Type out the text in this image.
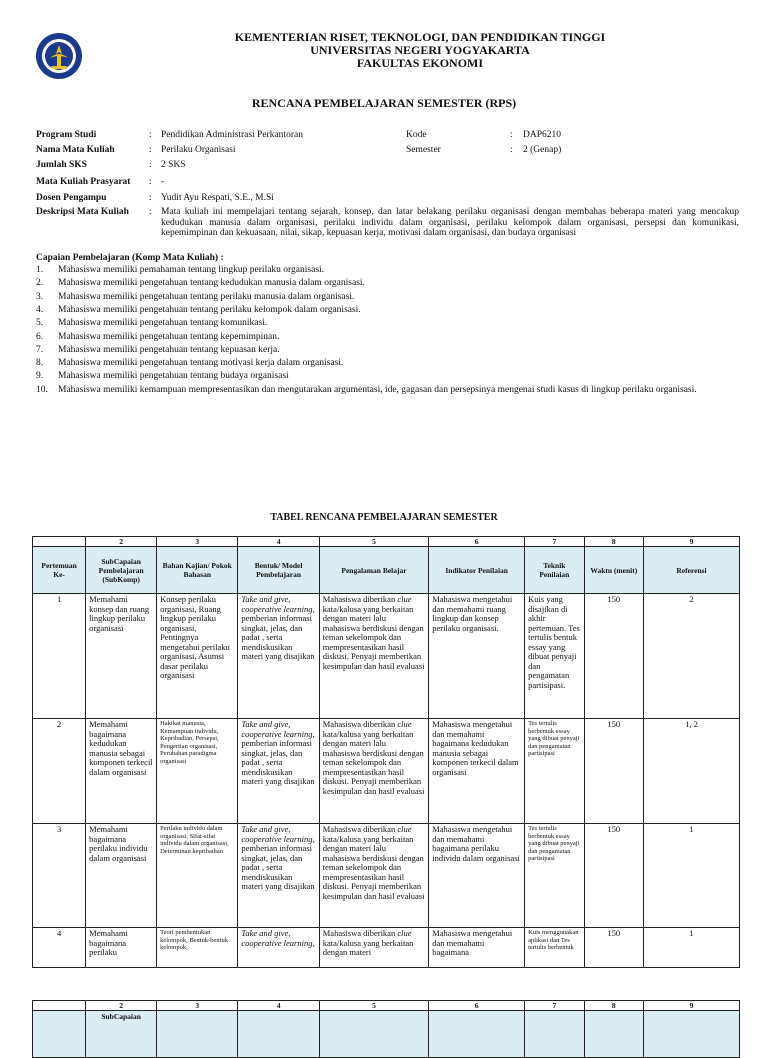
KEMENTERIAN RISET, TEKNOLOGI, DAN PENDIDIKAN TINGGI
UNIVERSITAS NEGERI YOGYAKARTA
FAKULTAS EKONOMI
RENCANA PEMBELAJARAN SEMESTER (RPS)
Program Studi	: Pendidikan Administrasi Perkantoran	Kode	: DAP6210
Nama Mata Kuliah	: Perilaku Organisasi	Semester	: 2 (Genap)
Jumlah SKS	: 2 SKS
Mata Kuliah Prasyarat : -
Dosen Pengampu	: Yudit Ayu Respati, S.E., M.Si
Deskripsi Mata Kuliah : Mata kuliah ini mempelajari tentang sejarah, konsep, dan latar belakang perilaku organisasi dengan membahas beberapa materi yang mencakup kedudukan manusia dalam organisasi, perilaku individu dalam organisasi, perilaku kelompok dalam organisasi, persepsi dan komunikasi, kepemimpinan dan kekuasaan, nilai, sikap, kepuasan kerja, motivasi dalam organisasi, dan budaya organisasi
Capaian Pembelajaran (Komp Mata Kuliah) :
1.	Mahasiswa memiliki pemahaman tentang lingkup perilaku organisasi.
2.	Mahasiswa memiliki pengetahuan tentang kedudukan manusia dalam organisasi.
3.	Mahasiswa memiliki pengetahuan tentang perilaku manusia dalam organisasi.
4.	Mahasiswa memiliki pengetahuan tentang perilaku kelompok dalam organisasi.
5.	Mahasiswa memiliki pengetahuan tentang komunikasi.
6.	Mahasiswa memiliki pengetahuan tentang kepemimpinan.
7.	Mahasiswa memiliki pengetahuan tentang kepuasan kerja.
8.	Mahasiswa memiliki pengetahuan tentang motivasi kerja dalam organisasi.
9.	Mahasiswa memiliki pengetahuan tentang budaya organisasi
10.	Mahasiswa memiliki kemampuan mempresentasikan dan mengutarakan argumentasi, ide, gagasan dan persepsinya mengenai studi kasus di lingkup perilaku organisasi.
TABEL RENCANA PEMBELAJARAN SEMESTER
	2	3	4	5	6	7	8	9
Pertemuan Ke-	SubCapaian Pembelajaran (SubKomp)	Bahan Kajian/ Pokok Bahasan	Bentuk/ Model Pembelajaran	Pengalaman Belajar	Indikator Penilaian	Teknik Penilaian	Waktu (menit)	Referensi
1	Memahami konsep dan ruang lingkup perilaku organisasi	Konsep perilaku organisasi, Ruang lingkup perilaku organisasi, Pentingnya mengetahui perilaku organisasi, Asumsi dasar perilaku organisasi	Take and give, cooperative learning, pemberian informasi singkat, jelas, dan padat , serta mendiskusikan materi yang disajikan	Mahasiswa diberikan clue kata/kalusa yang berkaitan dengan materi lalu mahasiswa berdiskusi dengan teman sekelompok dan mempresentasikan hasil diskusi. Penyaji memberikan kesimpulan dan hasil evaluasi	Mahasiswa mengetahui dan memahami ruang lingkup dan konsep perilaku organisasi.	Kuis yang disajikan di akhir pertemuan. Tes tertulis bentuk essay yang dibuat penyaji dan pengamatan partisipasi.	150	2
2	Memahami bagaimana kedudukan manusia sebagai komponen terkecil dalam organisasi	Hakikat manusia, Kemampuan individu, Kepribadian, Persepsi, Pengertian organisasi, Perubahan paradigma organisasi	Take and give, cooperative learning, pemberian informasi singkat, jelas, dan padat , serta mendiskusikan materi yang disajikan	Mahasiswa diberikan clue kata/kalusa yang berkaitan dengan materi lalu mahasiswa berdiskusi dengan teman sekelompok dan mempresentasikan hasil diskusi. Penyaji memberikan kesimpulan dan hasil evaluasi	Mahasiswa mengetahui dan memahami bagaimana kedudukan manusia sebagai komponen terkecil dalam organisasi	Tes tertulis berbentuk essay yang dibuat penyaji dan pengamatan partisipasi	150	1, 2
3	Memahami bagaimana perilaku individu dalam organisasi	Perilaku individu dalam organisasi, Sifat-sifat individu dalam organisasi, Determinan kepribadian	Take and give, cooperative learning, pemberian informasi singkat, jelas, dan padat , serta mendiskusikan materi yang disajikan	Mahasiswa diberikan clue kata/kalusa yang berkaitan dengan materi lalu mahasiswa berdiskusi dengan teman sekelompok dan mempresentasikan hasil diskusi. Penyaji memberikan kesimpulan dan hasil evaluasi	Mahasiswa mengetahui dan memahami bagaimana perilaku individu dalam organisasi	Tes tertulis berbentuk essay yang dibuat penyaji dan pengamatan partisipasi	150	1
4	Memahami bagaimana perilaku	Teori pembentukan kelompok, Bentuk-bentuk kelompok,	Take and give, cooperative learning,	Mahasiswa diberikan clue kata/kalusa yang berkaitan dengan materi	Mahasiswa mengetahui dan memahami bagaimana	Kuis menggunakan aplikasi dan Tes tertulis berbentuk	150	1
	2	3	4	5	6	7	8	9
	SubCapaian							
